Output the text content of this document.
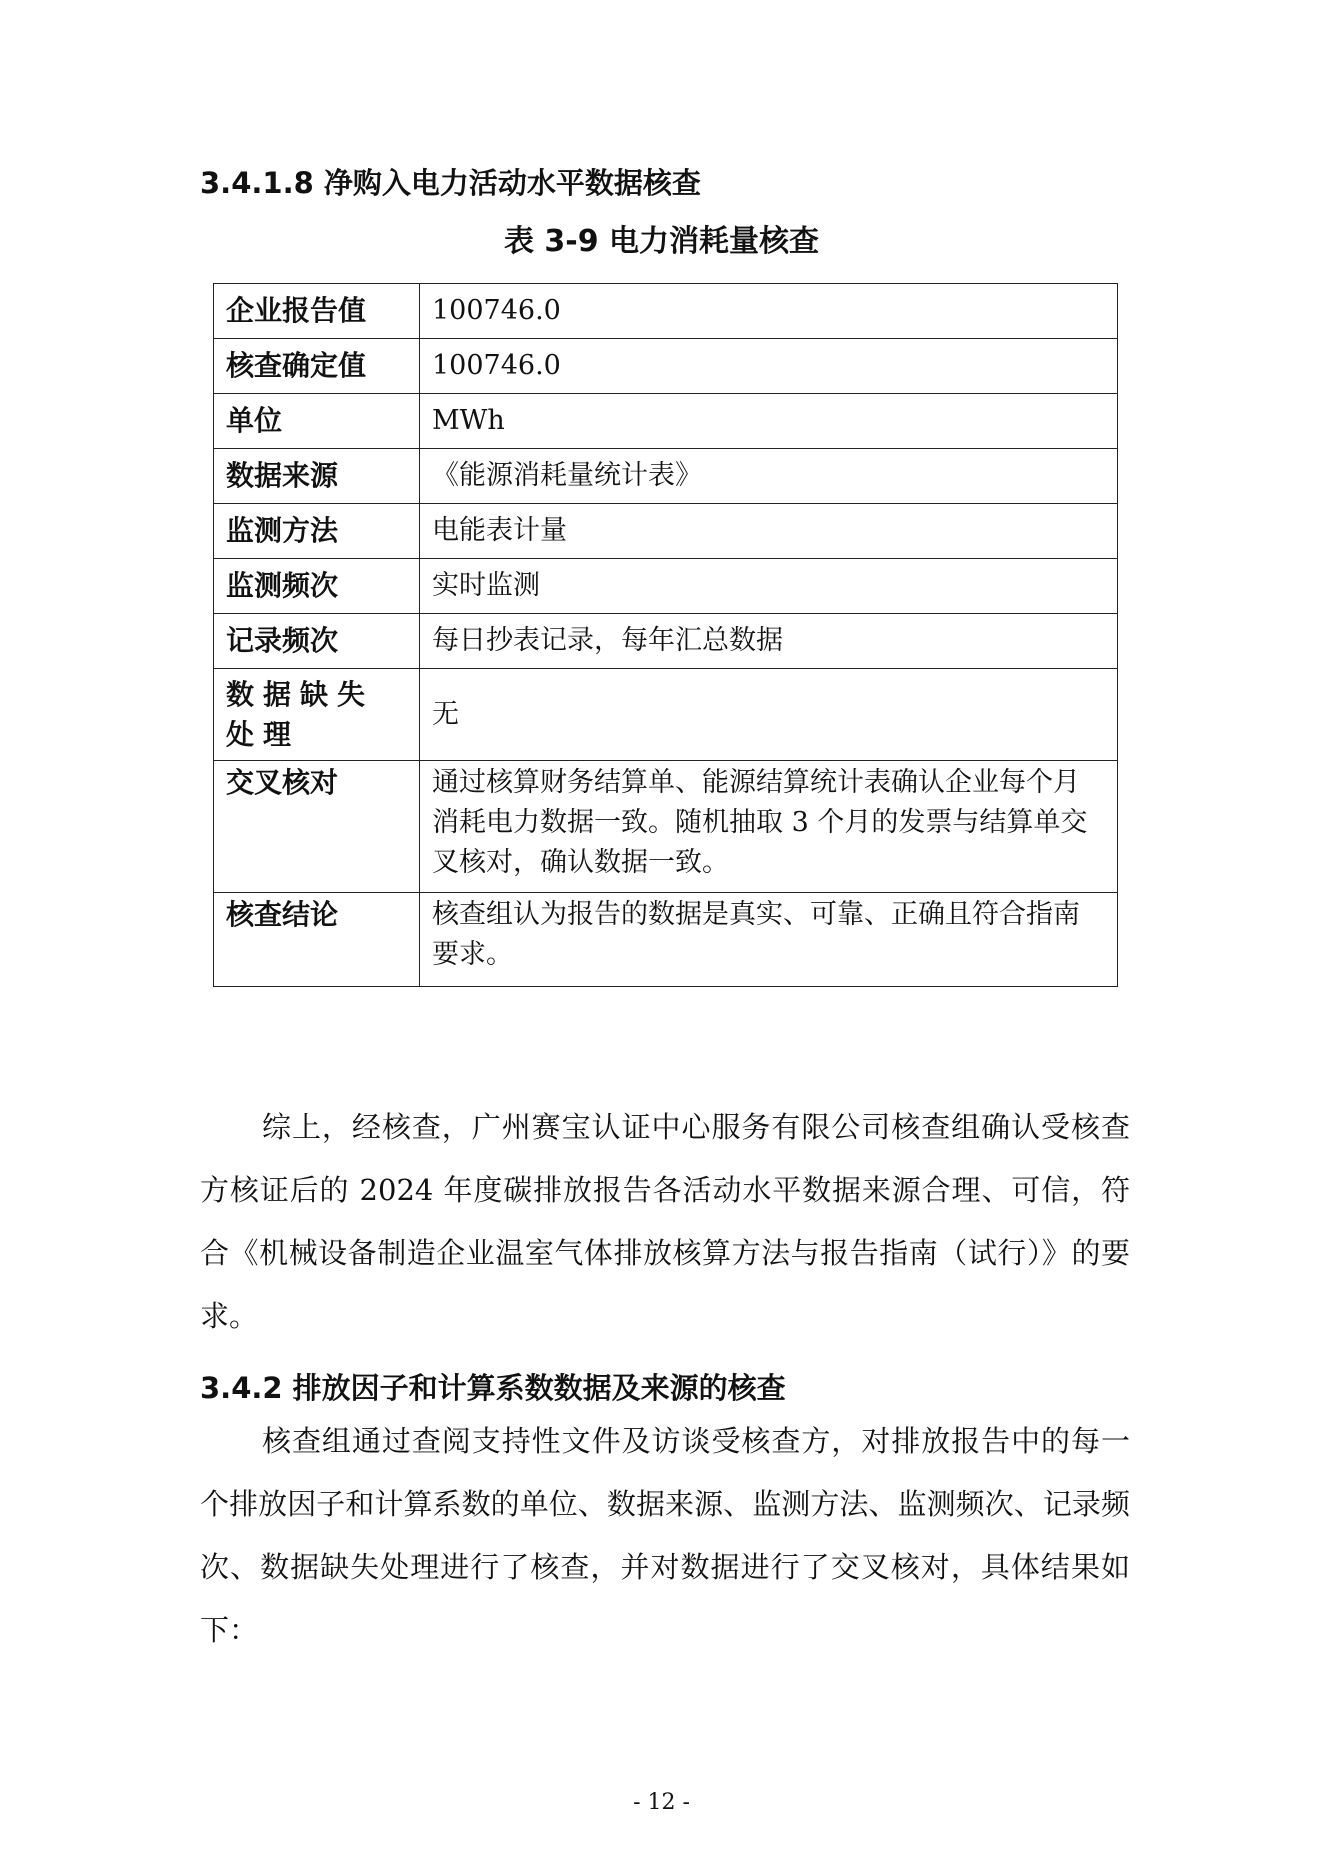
3.4.1.8 净购入电力活动水平数据核查
表 3-9 电力消耗量核查
企业报告值	100746.0
核查确定值	100746.0
单位	MWh
数据来源	《能源消耗量统计表》
监测方法	电能表计量
监测频次	实时监测
记录频次	每日抄表记录，每年汇总数据
数据缺失处理	无
交叉核对	通过核算财务结算单、能源结算统计表确认企业每个月消耗电力数据一致。随机抽取 3 个月的发票与结算单交叉核对，确认数据一致。
核查结论	核查组认为报告的数据是真实、可靠、正确且符合指南要求。

综上，经核查，广州赛宝认证中心服务有限公司核查组确认受核查方核证后的 2024 年度碳排放报告各活动水平数据来源合理、可信，符合《机械设备制造企业温室气体排放核算方法与报告指南（试行）》的要求。

3.4.2 排放因子和计算系数数据及来源的核查

核查组通过查阅支持性文件及访谈受核查方，对排放报告中的每一个排放因子和计算系数的单位、数据来源、监测方法、监测频次、记录频次、数据缺失处理进行了核查，并对数据进行了交叉核对，具体结果如下：

- 12 -
